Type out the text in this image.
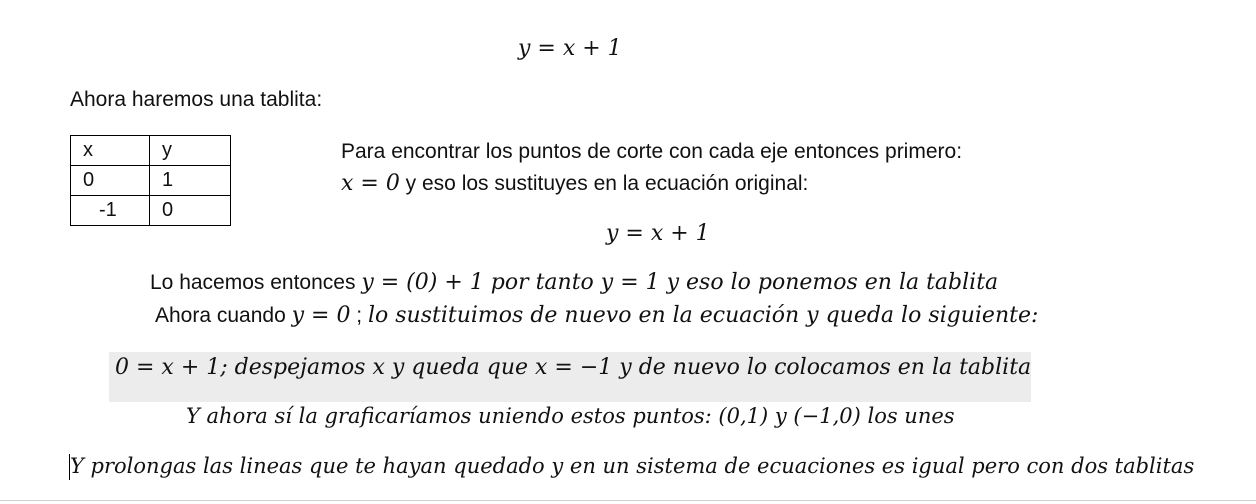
y = x + 1
Ahora haremos una tablita:
x	y
0	1
-1	0
Para encontrar los puntos de corte con cada eje entonces primero:
x = 0 y eso los sustituyes en la ecuación original:
y = x + 1
Lo hacemos entonces y = (0) + 1 por tanto y = 1 y eso lo ponemos en la tablita
Ahora cuando y = 0 ; lo sustituimos de nuevo en la ecuación y queda lo siguiente:
0 = x + 1; despejamos x y queda que x = −1 y de nuevo lo colocamos en la tablita
Y ahora sí la graficaríamos uniendo estos puntos: (0,1) y (−1,0) los unes
Y prolongas las lineas que te hayan quedado y en un sistema de ecuaciones es igual pero con dos tablitas
